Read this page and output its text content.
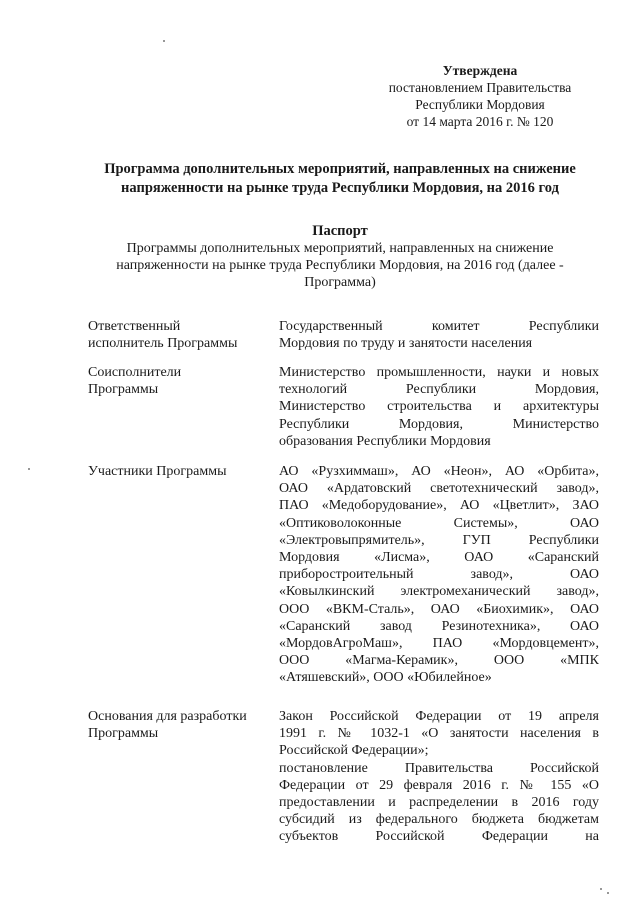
Утверждена
постановлением Правительства
Республики Мордовия
от 14 марта 2016 г. № 120
Программа дополнительных мероприятий, направленных на снижение
напряженности на рынке труда Республики Мордовия, на 2016 год
Паспорт
Программы дополнительных мероприятий, направленных на снижение
напряженности на рынке труда Республики Мордовия, на 2016 год (далее -
Программа)
Ответственный
исполнитель Программы
Государственный комитет Республики
Мордовия по труду и занятости населения
Соисполнители
Программы
Министерство промышленности, науки и новых
технологий Республики Мордовия,
Министерство строительства и архитектуры
Республики Мордовия, Министерство
образования Республики Мордовия
Участники Программы	АО «Рузхиммаш», АО «Неон», АО «Орбита»,
ОАО «Ардатовский светотехнический завод»,
ПАО «Медоборудование», АО «Цветлит», ЗАО
«Оптиковолоконные Системы», ОАО
«Электровыпрямитель», ГУП Республики
Мордовия «Лисма», ОАО «Саранский
приборостроительный завод», ОАО
«Ковылкинский электромеханический завод»,
ООО «ВКМ-Сталь», ОАО «Биохимик», ОАО
«Саранский завод Резинотехника», ОАО
«МордовАгроМаш», ПАО «Мордовцемент»,
ООО «Магма-Керамик», ООО «МПК
«Атяшевский», ООО «Юбилейное»
Основания для разработки
Программы
Закон Российской Федерации от 19 апреля
1991 г. № 1032-1 «О занятости населения в
Российской Федерации»;
постановление Правительства Российской
Федерации от 29 февраля 2016 г. № 155 «О
предоставлении и распределении в 2016 году
субсидий из федерального бюджета бюджетам
субъектов Российской Федерации на
